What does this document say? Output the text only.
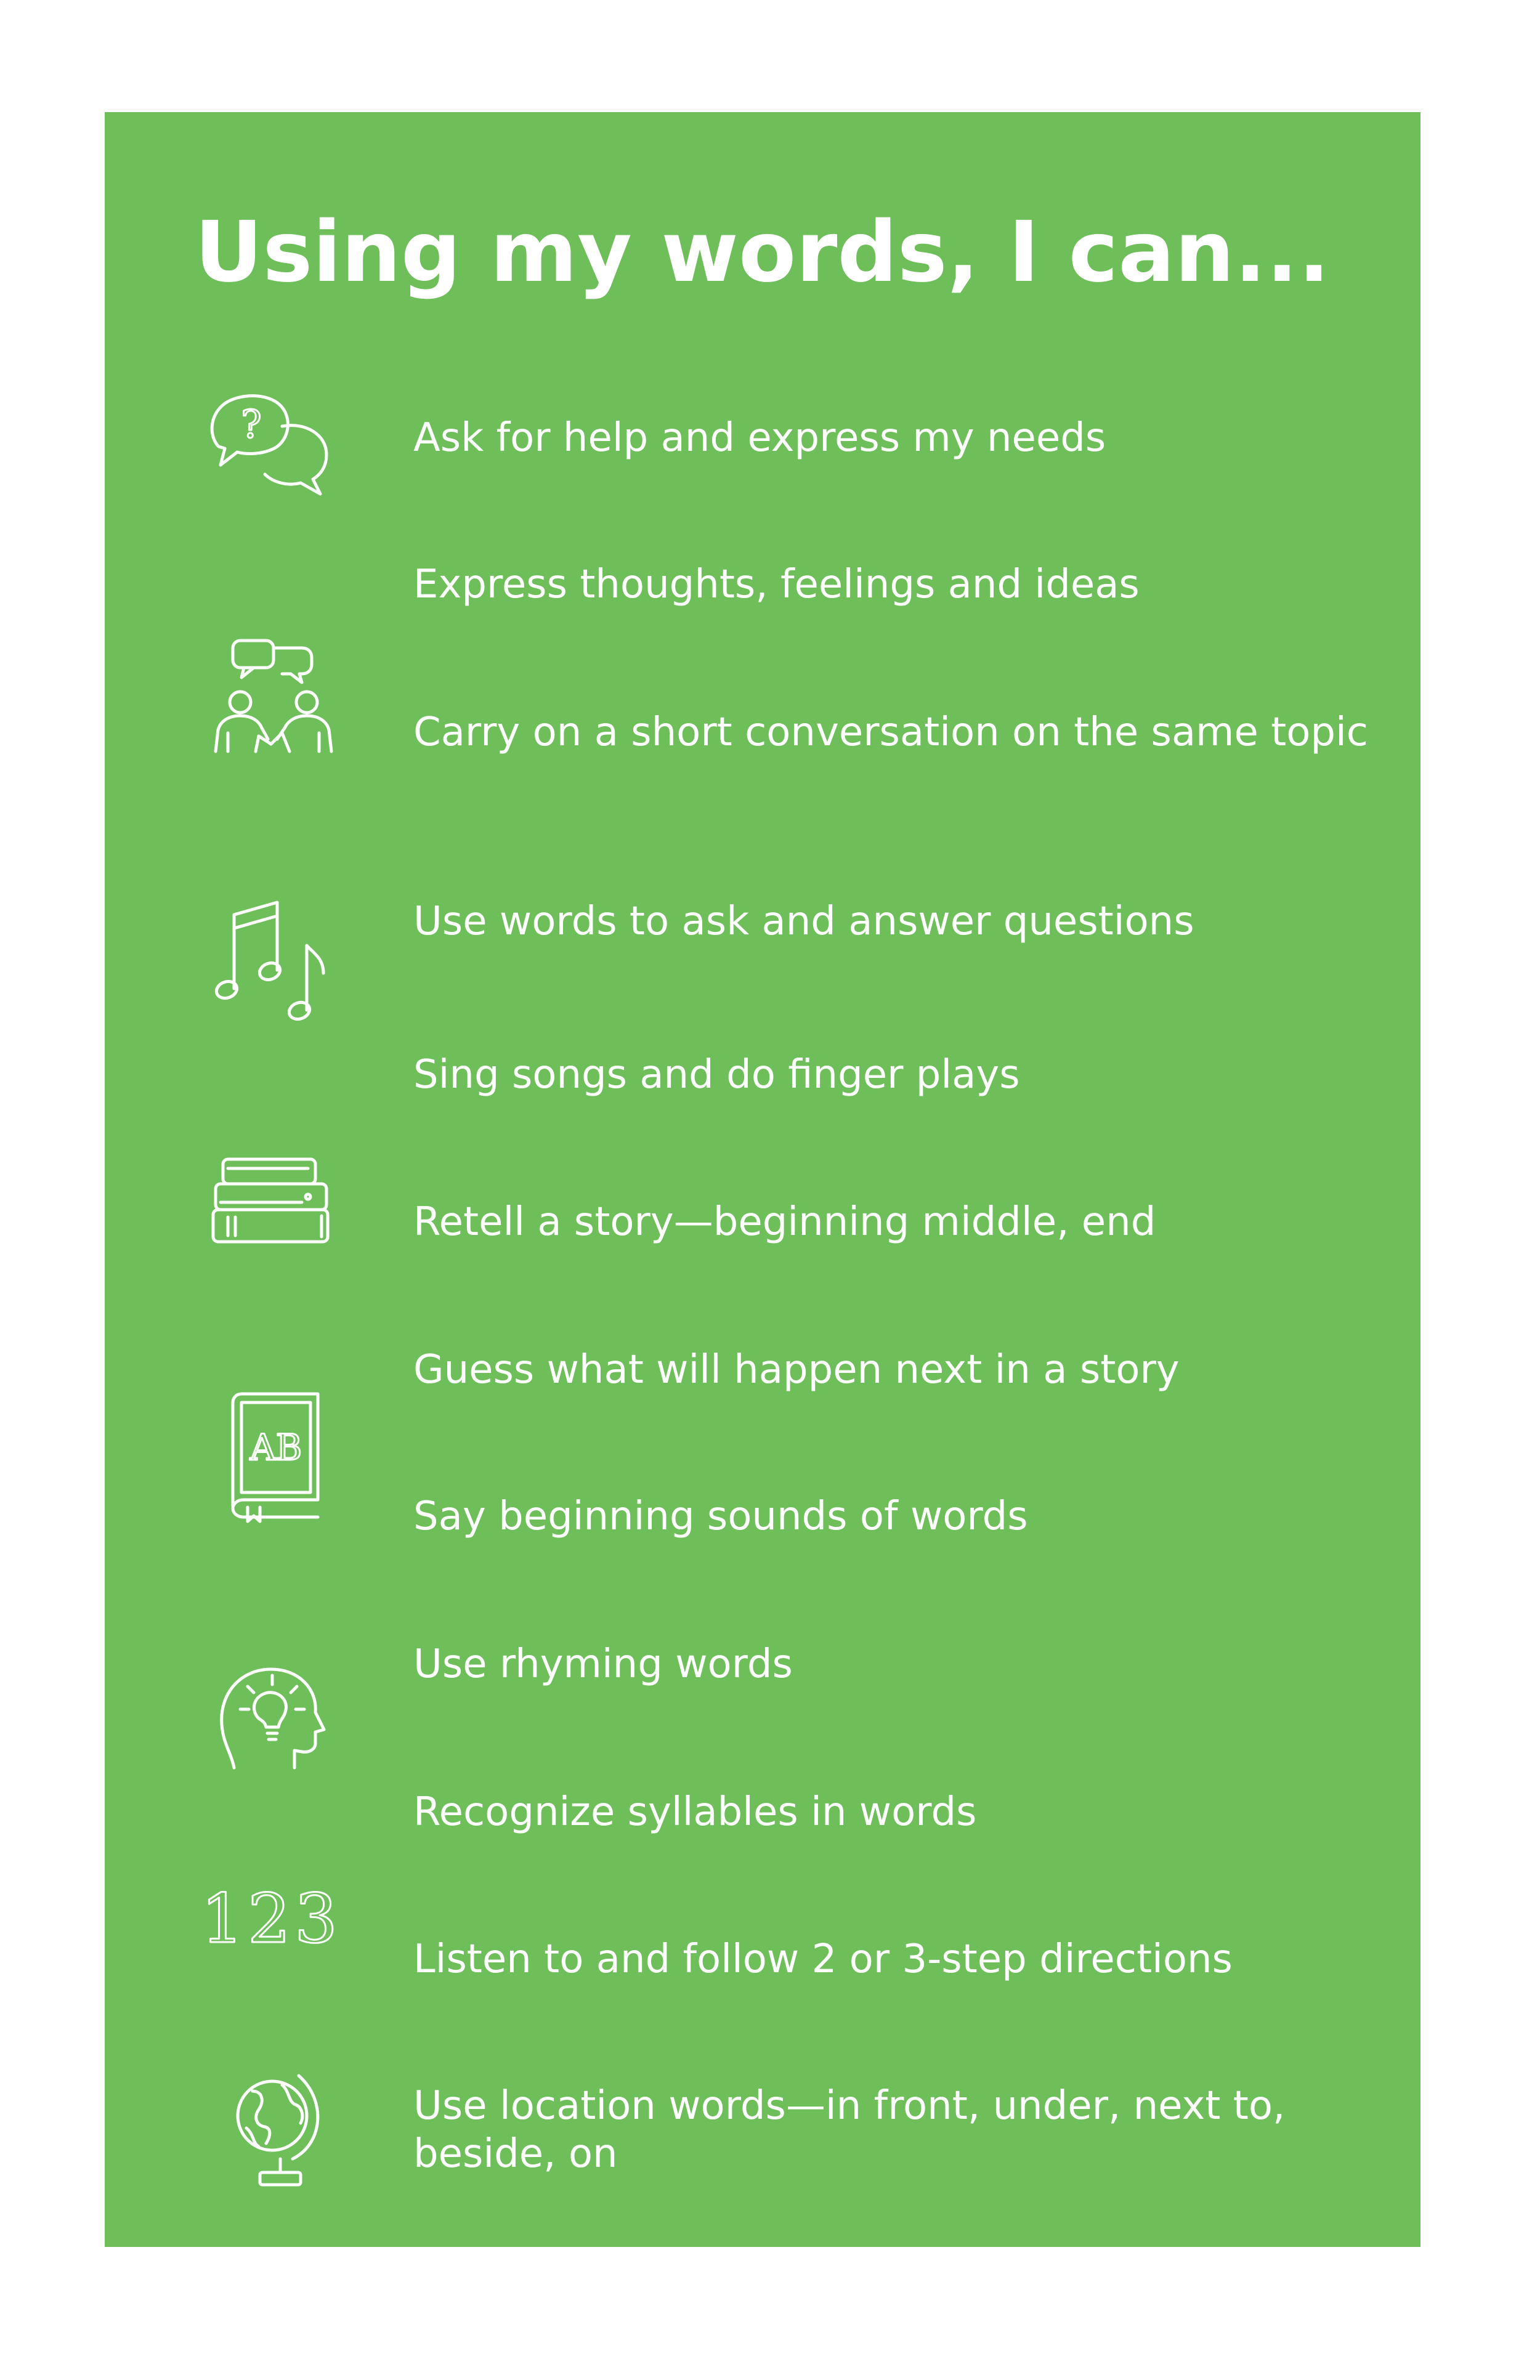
Using my words, I can...
Ask for help and express my needs
Express thoughts, feelings and ideas
Carry on a short conversation on the same topic
Use words to ask and answer questions
Sing songs and do finger plays
Retell a story—beginning middle, end
Guess what will happen next in a story
Say beginning sounds of words
Use rhyming words
Recognize syllables in words
Listen to and follow 2 or 3-step directions
Use location words—in front, under, next to, beside, on
?
AB
123
